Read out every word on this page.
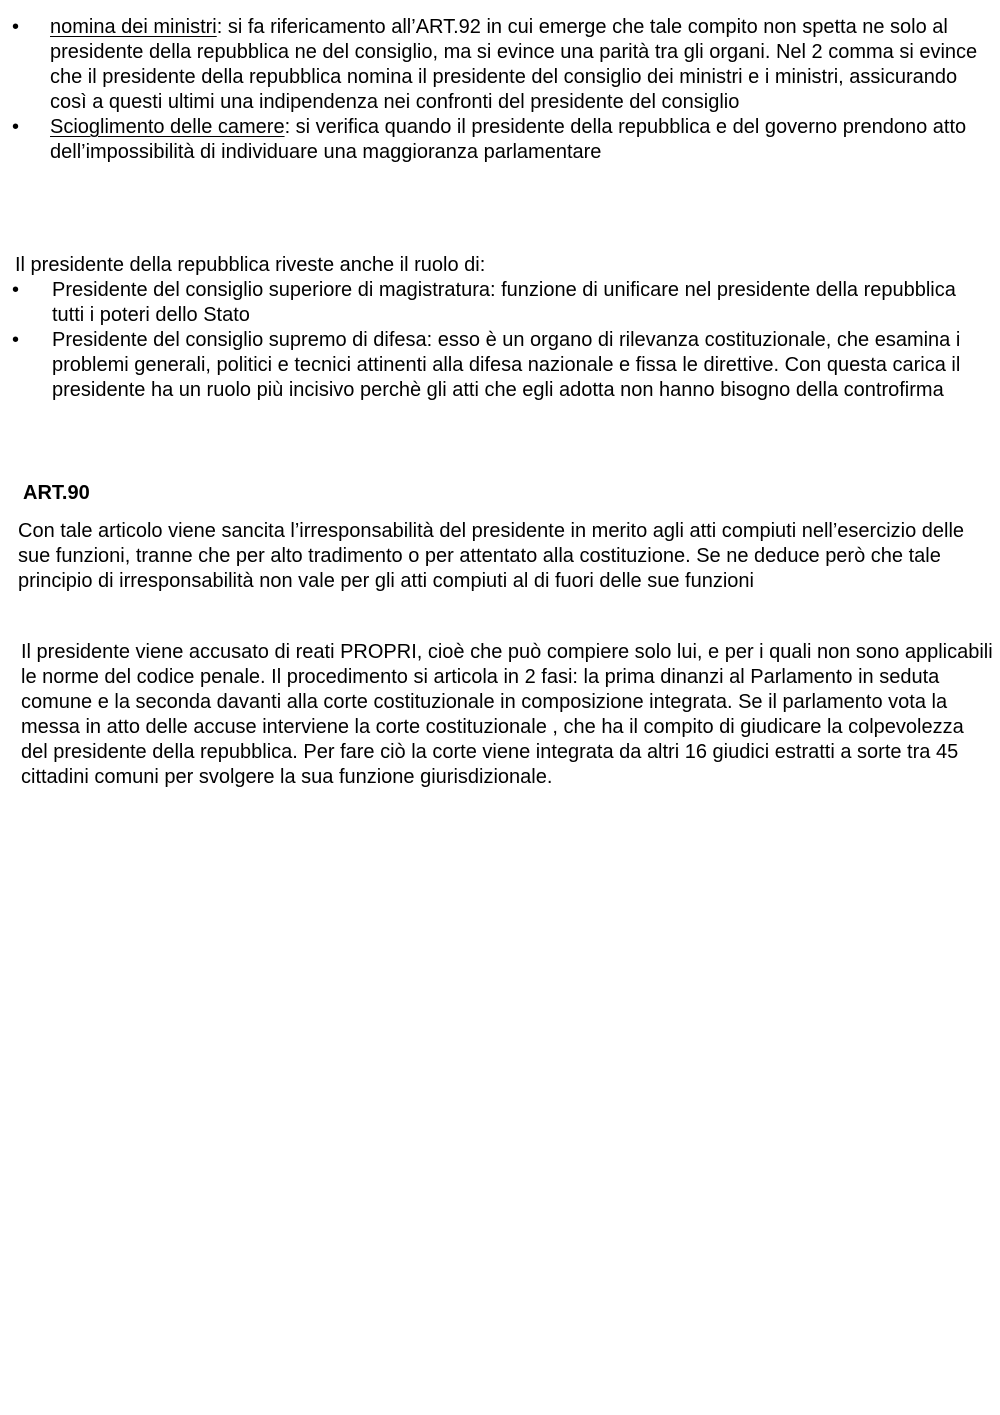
•	nomina dei ministri: si fa rifericamento all’ART.92 in cui emerge che tale compito non spetta ne solo al presidente della repubblica ne del consiglio, ma si evince una parità tra gli organi. Nel 2 comma si evince che il presidente della repubblica nomina il presidente del consiglio dei ministri e i ministri, assicurando così a questi ultimi una indipendenza nei confronti del presidente del consiglio
•	Scioglimento delle camere: si verifica quando il presidente della repubblica e del governo prendono atto dell’impossibilità di individuare una maggioranza parlamentare

Il presidente della repubblica riveste anche il ruolo di:

•	Presidente del consiglio superiore di magistratura: funzione di unificare nel presidente della repubblica tutti i poteri dello Stato
•	Presidente del consiglio supremo di difesa: esso è un organo di rilevanza costituzionale, che esamina i problemi generali, politici e tecnici attinenti alla difesa nazionale e fissa le direttive. Con questa carica il presidente ha un ruolo più incisivo perchè gli atti che egli adotta non hanno bisogno della controfirma
ART.90

Con tale articolo viene sancita l’irresponsabilità del presidente in merito agli atti compiuti nell’esercizio delle sue funzioni, tranne che per alto tradimento o per attentato alla costituzione. Se ne deduce però che tale principio di irresponsabilità non vale per gli atti compiuti al di fuori delle sue funzioni

Il presidente viene accusato di reati PROPRI, cioè che può compiere solo lui, e per i quali non sono applicabili le norme del codice penale. Il procedimento si articola in 2 fasi: la prima dinanzi al Parlamento in seduta comune e la seconda davanti alla corte costituzionale in composizione integrata. Se il parlamento vota la messa in atto delle accuse interviene la corte costituzionale , che ha il compito di giudicare la colpevolezza del presidente della repubblica. Per fare ciò la corte viene integrata da altri 16 giudici estratti a sorte tra 45 cittadini comuni per svolgere la sua funzione giurisdizionale.
